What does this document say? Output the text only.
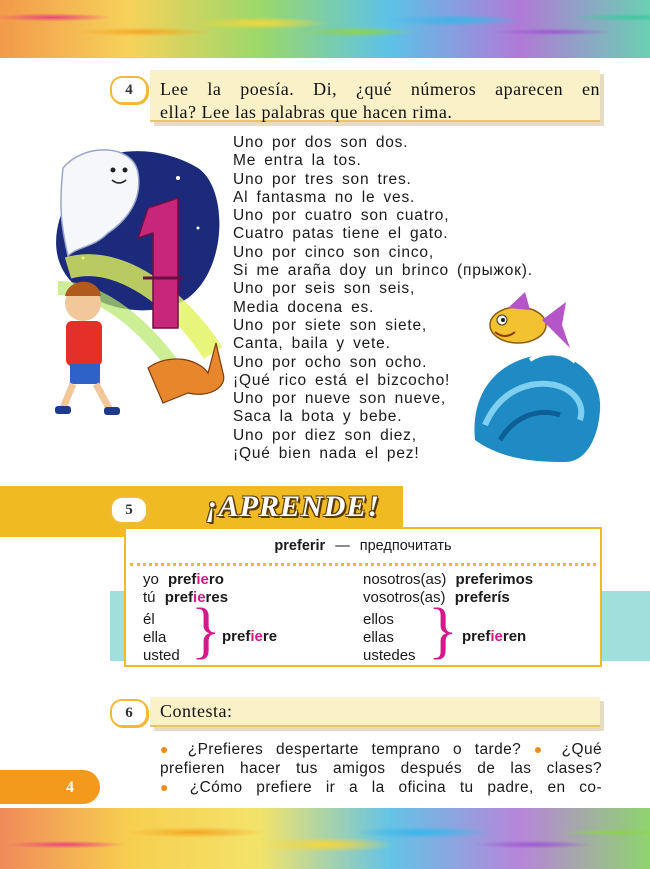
4	Lee la poesía. Di, ¿qué números aparecen en
ella? Lee las palabras que hacen rima.
Uno por dos son dos.
Me entra la tos.
Uno por tres son tres.
Al fantasma no le ves.
Uno por cuatro son cuatro,
Cuatro patas tiene el gato.
Uno por cinco son cinco,
Si me araña doy un brinco (прыжок).
Uno por seis son seis,
Media docena es.
Uno por siete son siete,
Canta, baila y vete.
Uno por ocho son ocho.
¡Qué rico está el bizcocho!
Uno por nueve son nueve,
Saca la bota y bebe.
Uno por diez son diez,
¡Qué bien nada el pez!
5	¡APRENDE!
preferir — предпочитать
yo prefiero
tú prefieres
él
ella
usted { prefiere
nosotros(as) preferimos
vosotros(as) preferís
ellos
ellas
ustedes { prefieren
6	Contesta:
● ¿Prefieres despertarte temprano o tarde? ● ¿Qué
prefieren hacer tus amigos después de las clases?
● ¿Cómo prefiere ir a la oficina tu padre, en co-
4
